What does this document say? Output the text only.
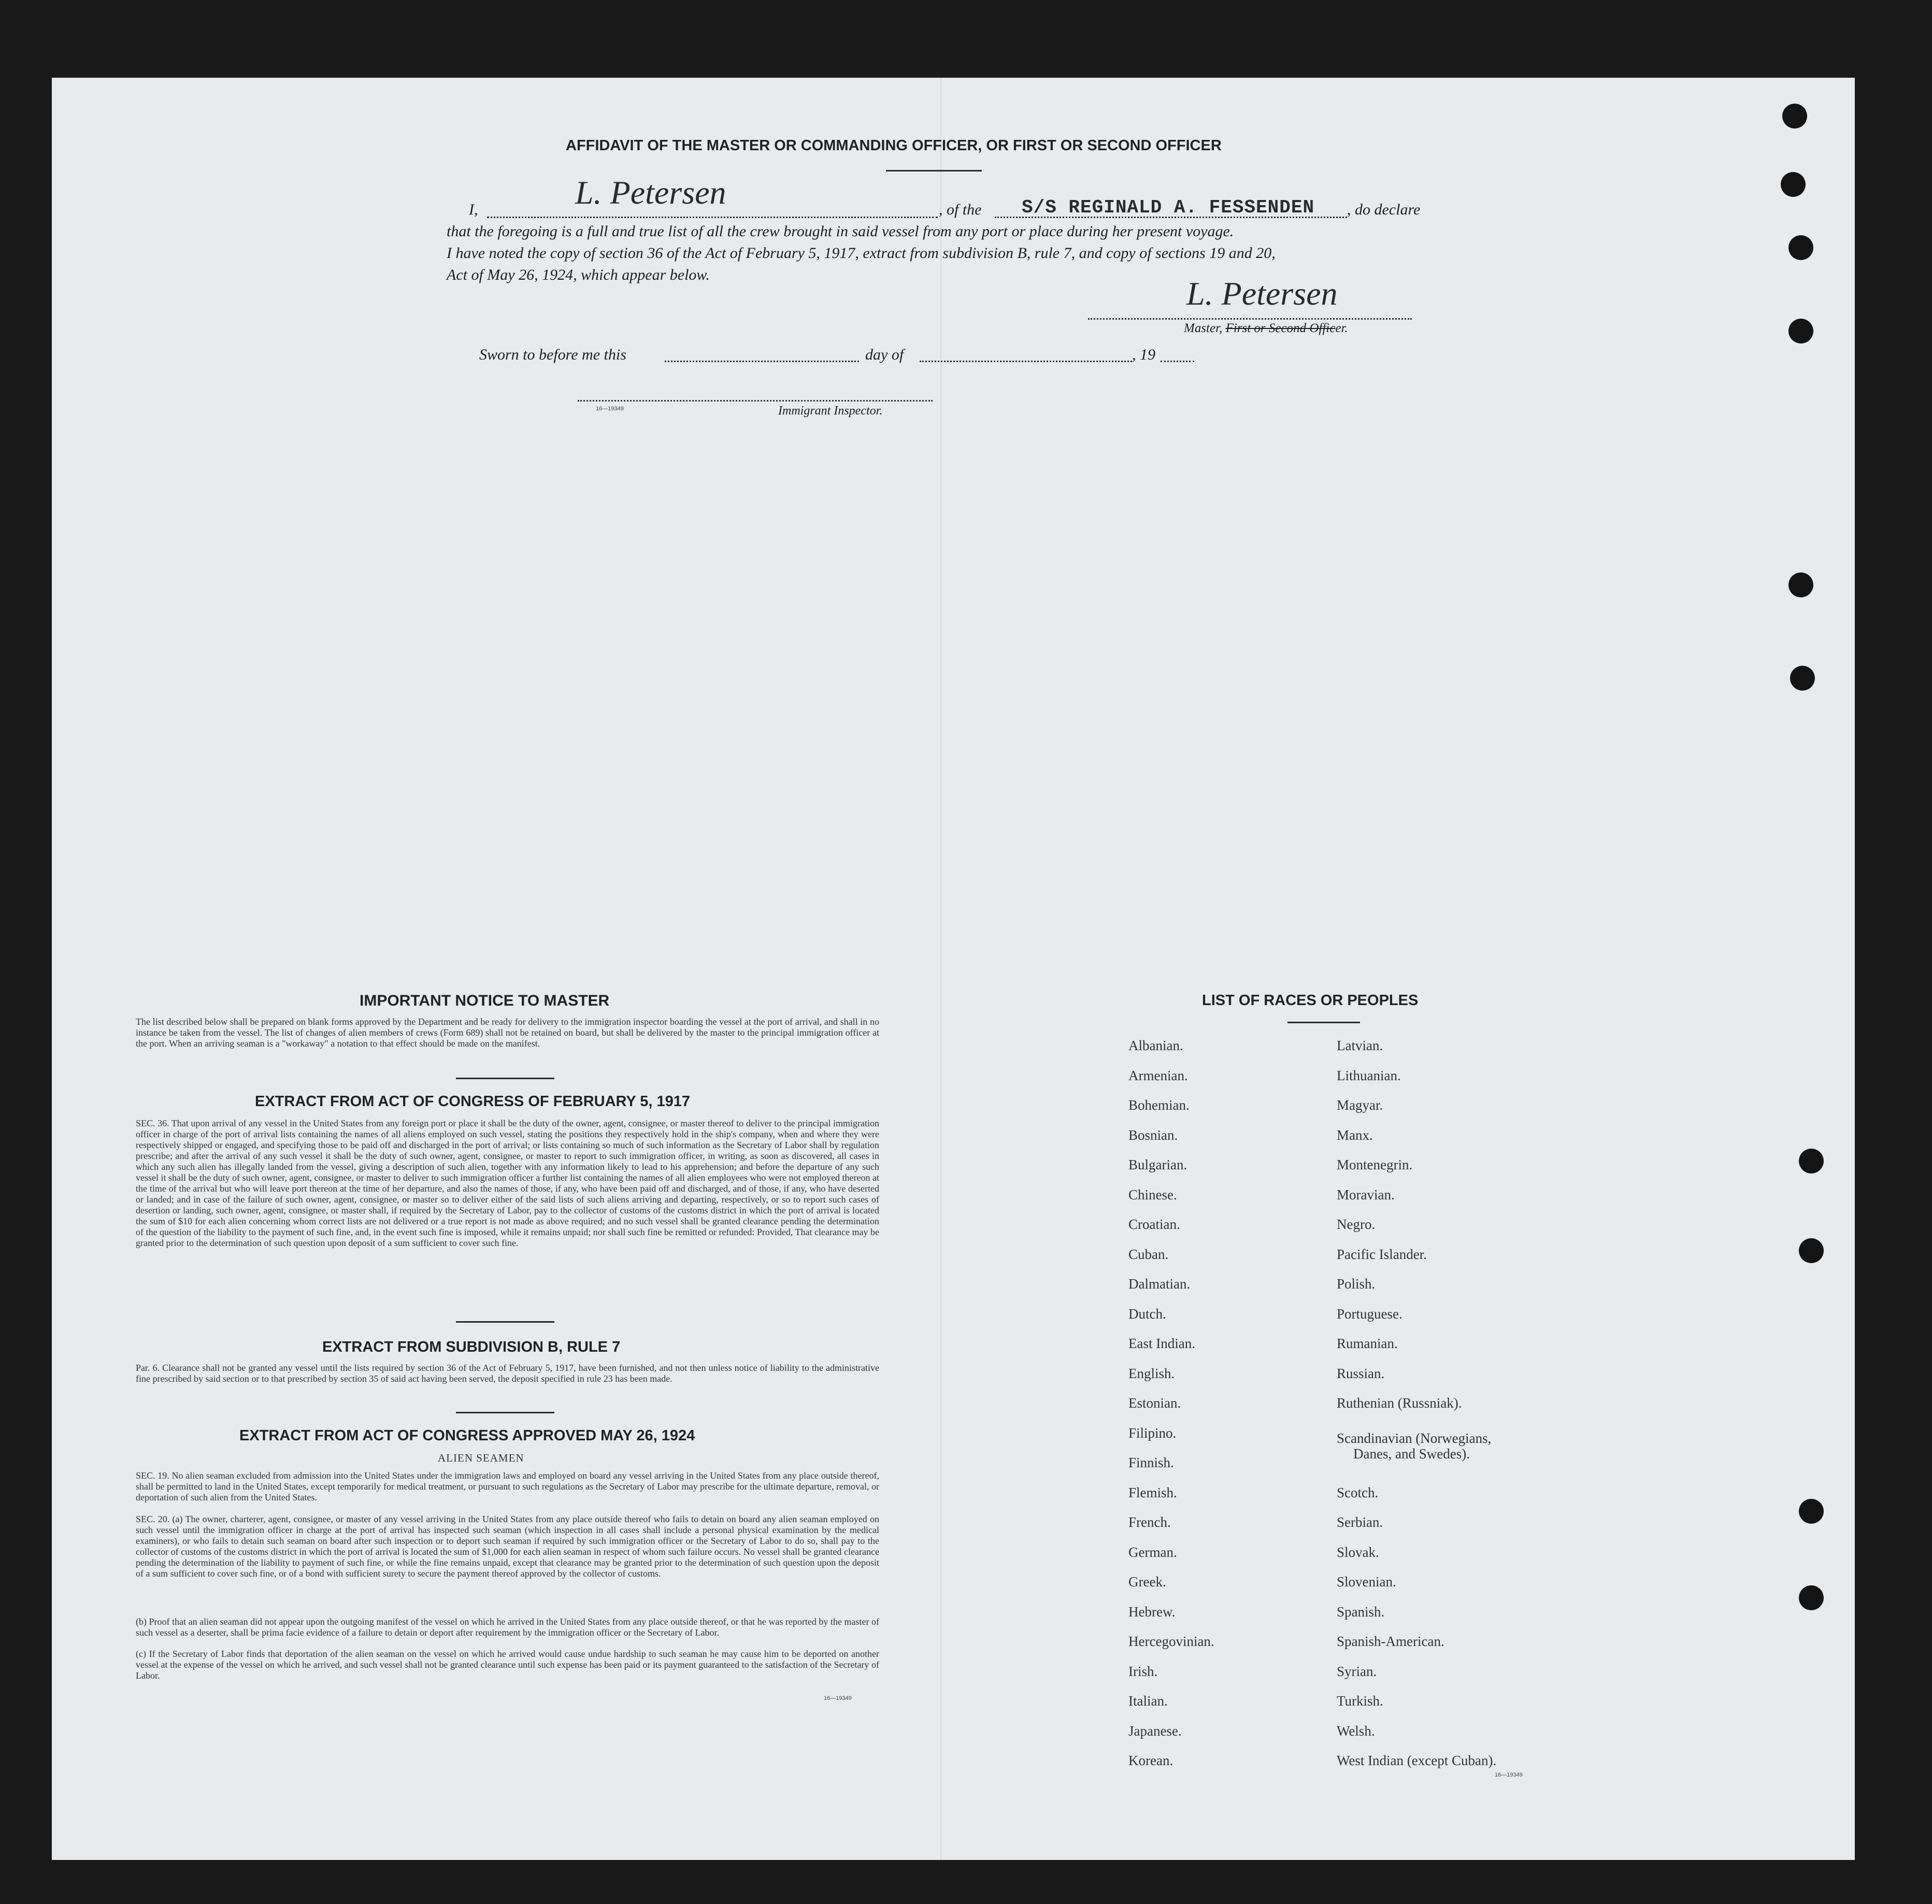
AFFIDAVIT OF THE MASTER OR COMMANDING OFFICER, OR FIRST OR SECOND OFFICER
I,	L. Petersen	, of the S/S REGINALD A. FESSENDEN , do declare
that the foregoing is a full and true list of all the crew brought in said vessel from any port or place during her present voyage.
I have noted the copy of section 36 of the Act of February 5, 1917, extract from subdivision B, rule 7, and copy of sections 19 and 20,
Act of May 26, 1924, which appear below.
L. Petersen
Master, First or Second Officer.
Sworn to before me this	day of	, 19
16—19349	Immigrant Inspector.
IMPORTANT NOTICE TO MASTER
The list described below shall be prepared on blank forms approved by the Department and be ready for delivery to the immigration inspector boarding the vessel at the port of arrival, and shall in no instance be taken from the vessel. The list of changes of alien members of crews (Form 689) shall not be retained on board, but shall be delivered by the master to the principal immigration officer at the port. When an arriving seaman is a "workaway" a notation to that effect should be made on the manifest.
EXTRACT FROM ACT OF CONGRESS OF FEBRUARY 5, 1917
SEC. 36. That upon arrival of any vessel in the United States from any foreign port or place it shall be the duty of the owner, agent, consignee, or master thereof to deliver to the principal immigration officer in charge of the port of arrival lists containing the names of all aliens employed on such vessel, stating the positions they respectively hold in the ship's company, when and where they were respectively shipped or engaged, and specifying those to be paid off and discharged in the port of arrival; or lists containing so much of such information as the Secretary of Labor shall by regulation prescribe; and after the arrival of any such vessel it shall be the duty of such owner, agent, consignee, or master to report to such immigration officer, in writing, as soon as discovered, all cases in which any such alien has illegally landed from the vessel, giving a description of such alien, together with any information likely to lead to his apprehension; and before the departure of any such vessel it shall be the duty of such owner, agent, consignee, or master to deliver to such immigration officer a further list containing the names of all alien employees who were not employed thereon at the time of the arrival but who will leave port thereon at the time of her departure, and also the names of those, if any, who have been paid off and discharged, and of those, if any, who have deserted or landed; and in case of the failure of such owner, agent, consignee, or master so to deliver either of the said lists of such aliens arriving and departing, respectively, or so to report such cases of desertion or landing, such owner, agent, consignee, or master shall, if required by the Secretary of Labor, pay to the collector of customs of the customs district in which the port of arrival is located the sum of $10 for each alien concerning whom correct lists are not delivered or a true report is not made as above required; and no such vessel shall be granted clearance pending the determination of the question of the liability to the payment of such fine, and, in the event such fine is imposed, while it remains unpaid; nor shall such fine be remitted or refunded: Provided, That clearance may be granted prior to the determination of such question upon deposit of a sum sufficient to cover such fine.
EXTRACT FROM SUBDIVISION B, RULE 7
Par. 6. Clearance shall not be granted any vessel until the lists required by section 36 of the Act of February 5, 1917, have been furnished, and not then unless notice of liability to the administrative fine prescribed by said section or to that prescribed by section 35 of said act having been served, the deposit specified in rule 23 has been made.
EXTRACT FROM ACT OF CONGRESS APPROVED MAY 26, 1924
ALIEN SEAMEN
SEC. 19. No alien seaman excluded from admission into the United States under the immigration laws and employed on board any vessel arriving in the United States from any place outside thereof, shall be permitted to land in the United States, except temporarily for medical treatment, or pursuant to such regulations as the Secretary of Labor may prescribe for the ultimate departure, removal, or deportation of such alien from the United States.
SEC. 20. (a) The owner, charterer, agent, consignee, or master of any vessel arriving in the United States from any place outside thereof who fails to detain on board any alien seaman employed on such vessel until the immigration officer in charge at the port of arrival has inspected such seaman (which inspection in all cases shall include a personal physical examination by the medical examiners), or who fails to detain such seaman on board after such inspection or to deport such seaman if required by such immigration officer or the Secretary of Labor to do so, shall pay to the collector of customs of the customs district in which the port of arrival is located the sum of $1,000 for each alien seaman in respect of whom such failure occurs. No vessel shall be granted clearance pending the determination of the liability to payment of such fine, or while the fine remains unpaid, except that clearance may be granted prior to the determination of such question upon the deposit of a sum sufficient to cover such fine, or of a bond with sufficient surety to secure the payment thereof approved by the collector of customs.
(b) Proof that an alien seaman did not appear upon the outgoing manifest of the vessel on which he arrived in the United States from any place outside thereof, or that he was reported by the master of such vessel as a deserter, shall be prima facie evidence of a failure to detain or deport after requirement by the immigration officer or the Secretary of Labor.
(c) If the Secretary of Labor finds that deportation of the alien seaman on the vessel on which he arrived would cause undue hardship to such seaman he may cause him to be deported on another vessel at the expense of the vessel on which he arrived, and such vessel shall not be granted clearance until such expense has been paid or its payment guaranteed to the satisfaction of the Secretary of Labor.
16—19349
LIST OF RACES OR PEOPLES
Albanian.
Armenian.
Bohemian.
Bosnian.
Bulgarian.
Chinese.
Croatian.
Cuban.
Dalmatian.
Dutch.
East Indian.
English.
Estonian.
Filipino.
Finnish.
Flemish.
French.
German.
Greek.
Hebrew.
Hercegovinian.
Irish.
Italian.
Japanese.
Korean.
Latvian.
Lithuanian.
Magyar.
Manx.
Montenegrin.
Moravian.
Negro.
Pacific Islander.
Polish.
Portuguese.
Rumanian.
Russian.
Ruthenian (Russniak).
Scandinavian (Norwegians,
Danes, and Swedes).
Scotch.
Serbian.
Slovak.
Slovenian.
Spanish.
Spanish-American.
Syrian.
Turkish.
Welsh.
West Indian (except Cuban).
16—19349
